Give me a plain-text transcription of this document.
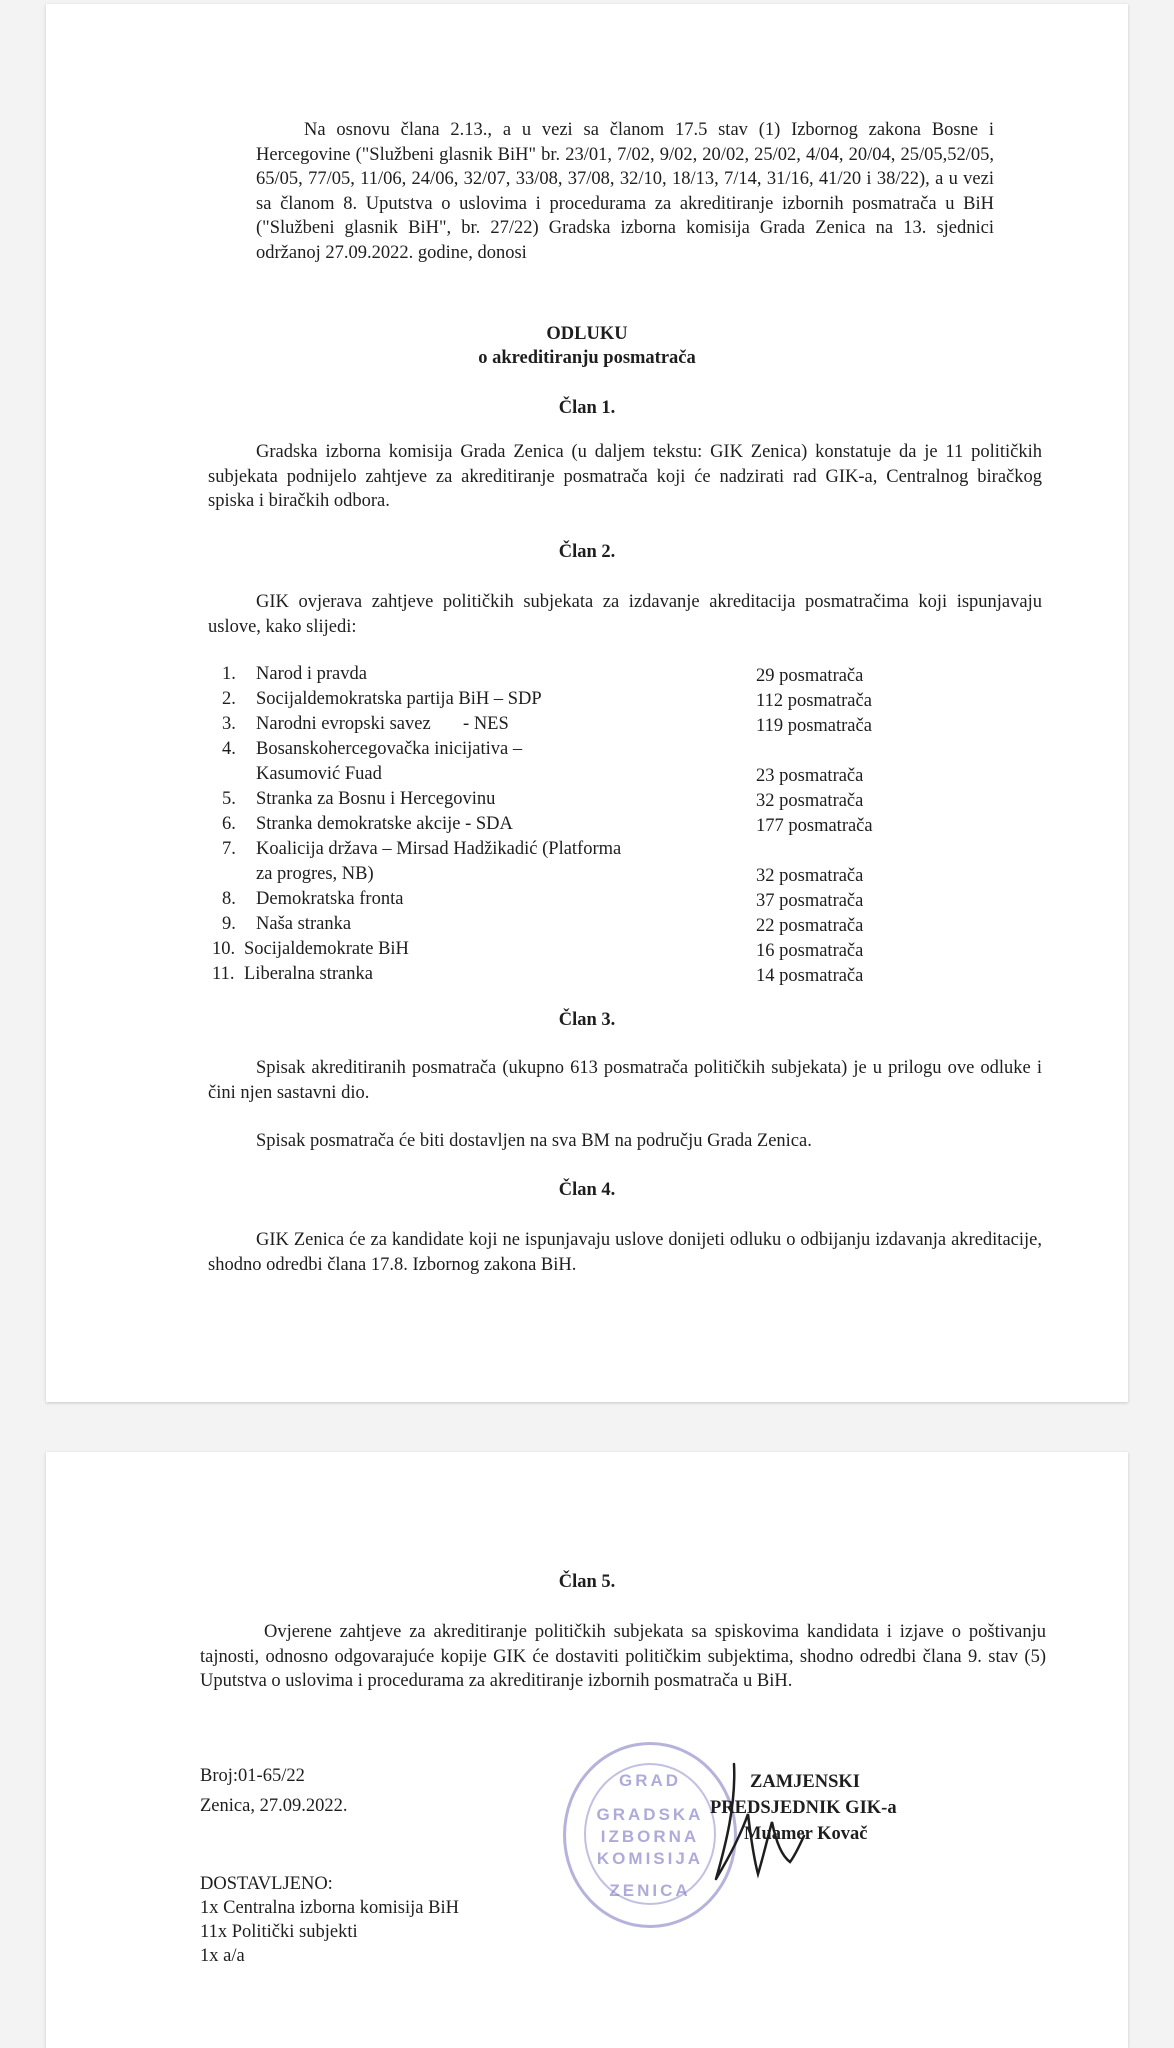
Na osnovu člana 2.13., a u vezi sa članom 17.5 stav (1) Izbornog zakona Bosne i Hercegovine ("Službeni glasnik BiH" br. 23/01, 7/02, 9/02, 20/02, 25/02, 4/04, 20/04, 25/05,52/05, 65/05, 77/05, 11/06, 24/06, 32/07, 33/08, 37/08, 32/10, 18/13, 7/14, 31/16, 41/20 i 38/22), a u vezi sa članom 8. Uputstva o uslovima i procedurama za akreditiranje izbornih posmatrača u BiH ("Službeni glasnik BiH", br. 27/22) Gradska izborna komisija Grada Zenica na 13. sjednici održanoj 27.09.2022. godine, donosi
ODLUKU
o akreditiranju posmatrača
Član 1.
Gradska izborna komisija Grada Zenica (u daljem tekstu: GIK Zenica) konstatuje da je 11 političkih subjekata podnijelo zahtjeve za akreditiranje posmatrača koji će nadzirati rad GIK-a, Centralnog biračkog spiska i biračkih odbora.
Član 2.
GIK ovjerava zahtjeve političkih subjekata za izdavanje akreditacija posmatračima koji ispunjavaju uslove, kako slijedi:
1. Narod i pravda	29 posmatrača
2. Socijaldemokratska partija BiH – SDP	112 posmatrača
3. Narodni evropski savez       - NES	119 posmatrača
4. Bosanskohercegovačka inicijativa –
Kasumović Fuad	23 posmatrača
5. Stranka za Bosnu i Hercegovinu	32 posmatrača
6. Stranka demokratske akcije - SDA	177 posmatrača
7. Koalicija država – Mirsad Hadžikadić (Platforma
za progres, NB)	32 posmatrača
8. Demokratska fronta	37 posmatrača
9. Naša stranka	22 posmatrača
10. Socijaldemokrate BiH	16 posmatrača
11. Liberalna stranka	14 posmatrača
Član 3.
Spisak akreditiranih posmatrača (ukupno 613 posmatrača političkih subjekata) je u prilogu ove odluke i čini njen sastavni dio.
Spisak posmatrača će biti dostavljen na sva BM na području Grada Zenica.
Član 4.
GIK Zenica će za kandidate koji ne ispunjavaju uslove donijeti odluku o odbijanju izdavanja akreditacije, shodno odredbi člana 17.8. Izbornog zakona BiH.
Član 5.
Ovjerene zahtjeve za akreditiranje političkih subjekata sa spiskovima kandidata i izjave o poštivanju tajnosti, odnosno odgovarajuće kopije GIK će dostaviti političkim subjektima, shodno odredbi člana 9. stav (5) Uputstva o uslovima i procedurama za akreditiranje izbornih posmatrača u BiH.
Broj:01-65/22
Zenica, 27.09.2022.
GRAD
GRADSKA
IZBORNA
KOMISIJA
ZENICA
ZAMJENSKI
PREDSJEDNIK GIK-a
Muamer Kovač
DOSTAVLJENO:
1x Centralna izborna komisija BiH
11x Politički subjekti
1x a/a
